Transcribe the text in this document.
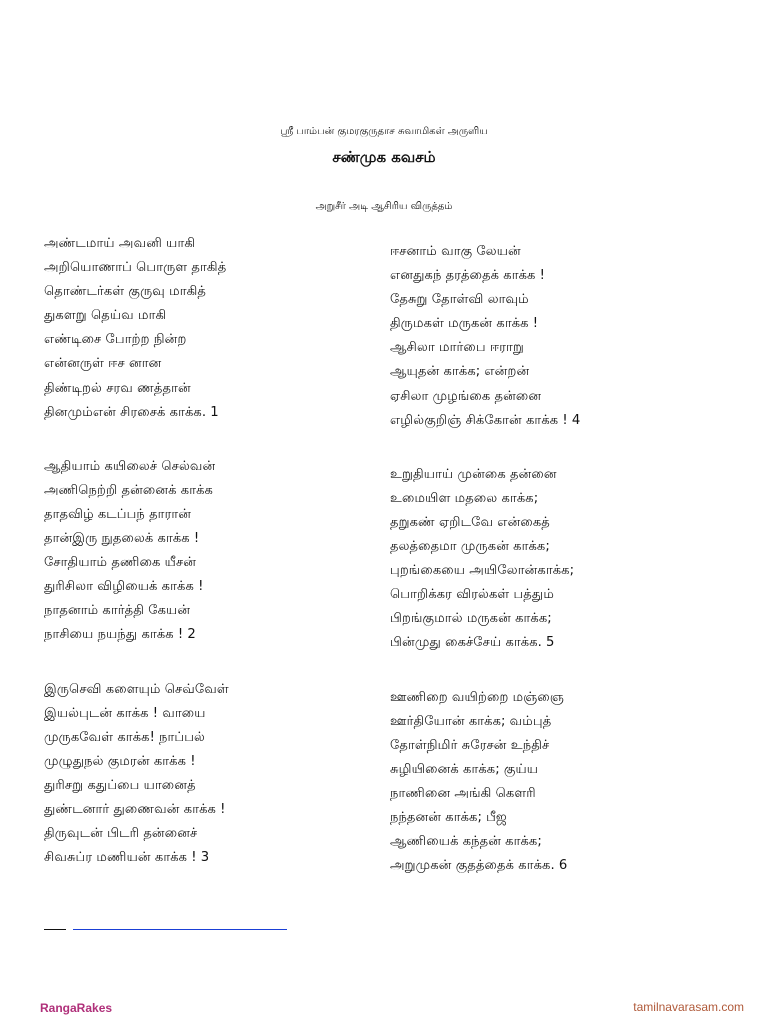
ஸ்ரீ பாம்பன் குமரகுருதாச சுவாமிகள் அருளிய
சண்முக கவசம்
அறுசீர் அடி ஆசிரிய விருத்தம்
அண்டமாய் அவனி யாகி
அறியொணாப் பொருள தாகித்
தொண்டர்கள் குருவு மாகித்
துகளறு தெய்வ மாகி
எண்டிசை போற்ற நின்ற
என்னருள் ஈச னான
திண்டிறல் சரவ ணத்தான்
தினமும்என் சிரசைக் காக்க. 1
ஆதியாம் கயிலைச் செல்வன்
அணிநெற்றி தன்னைக் காக்க
தாதவிழ் கடப்பந் தாரான்
தான்இரு நுதலைக் காக்க !
சோதியாம் தணிகை யீசன்
துரிசிலா விழியைக் காக்க !
நாதனாம் கார்த்தி கேயன்
நாசியை நயந்து காக்க ! 2
இருசெவி களையும் செவ்வேள்
இயல்புடன் காக்க ! வாயை
முருகவேள் காக்க! நாப்பல்
முழுதுநல் குமரன் காக்க !
துரிசறு கதுப்பை யானைத்
துண்டனார் துணைவன் காக்க !
திருவுடன் பிடரி தன்னைச்
சிவசுப்ர மணியன் காக்க ! 3
ஈசனாம் வாகு லேயன்
எனதுகந் தரத்தைக் காக்க !
தேசுறு தோள்வி லாவும்
திருமகள் மருகன் காக்க !
ஆசிலா மார்பை ஈராறு
ஆயுதன் காக்க; என்றன்
ஏசிலா முழங்கை தன்னை
எழில்குறிஞ் சிக்கோன் காக்க ! 4
உறுதியாய் முன்கை தன்னை
உமையிள மதலை காக்க;
தறுகண் ஏறிடவே என்கைத்
தலத்தைமா முருகன் காக்க;
புறங்கையை அயிலோன்காக்க;
பொறிக்கர விரல்கள் பத்தும்
பிறங்குமால் மருகன் காக்க;
பின்முது கைச்சேய் காக்க. 5
ஊணிறை வயிற்றை மஞ்ஞை
ஊர்தியோன் காக்க; வம்புத்
தோள்நிமிர் சுரேசன் உந்திச்
சுழியினைக் காக்க; குய்ய
நாணினை அங்கி கௌரி
நந்தனன் காக்க; பீஜ
ஆணியைக் கந்தன் காக்க;
அறுமுகன் குதத்தைக் காக்க. 6
RangaRakes	tamilnavarasam.com
